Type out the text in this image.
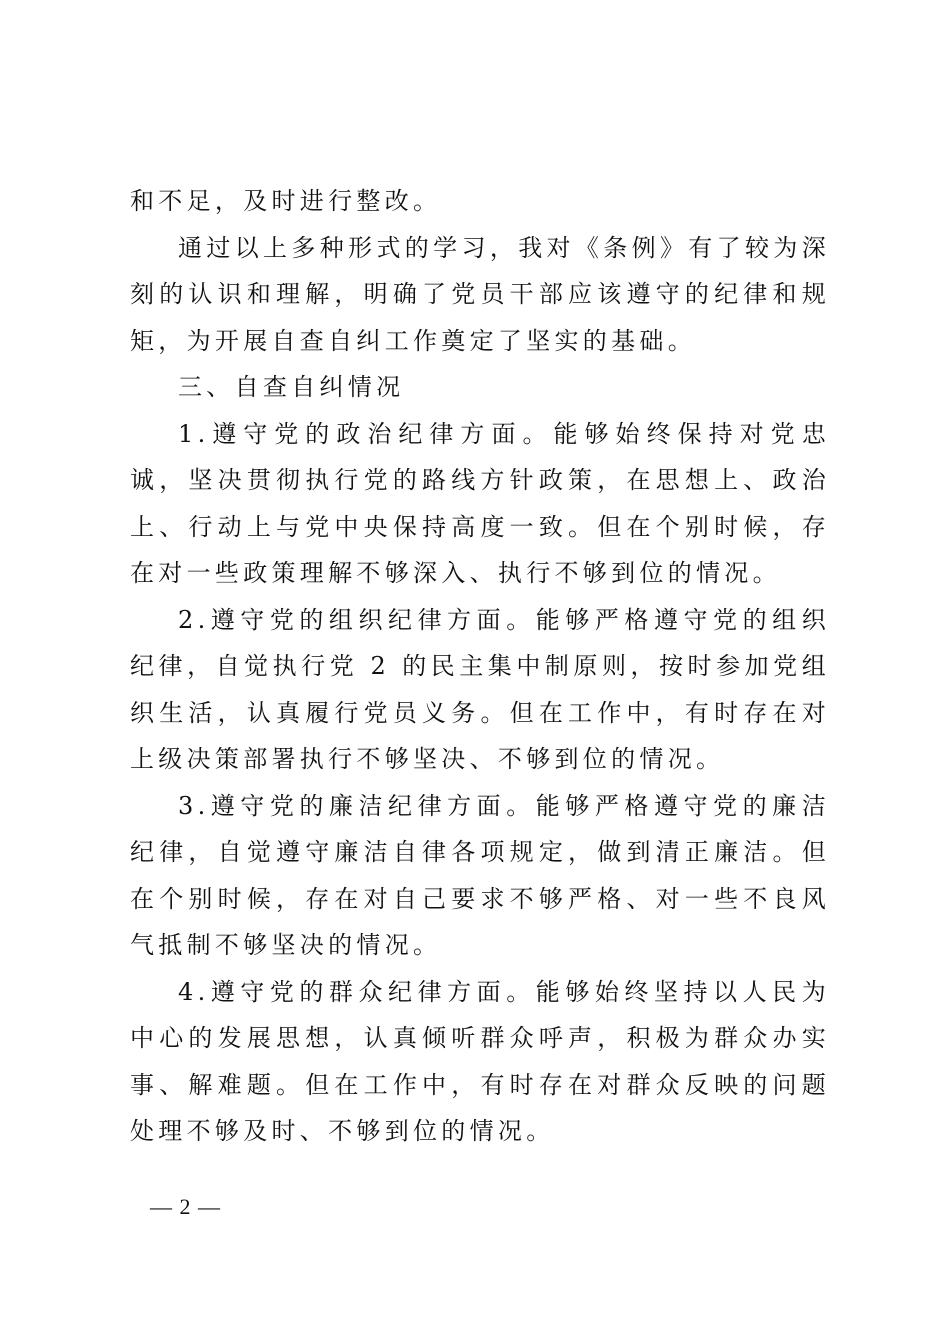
和不足，及时进行整改。

通过以上多种形式的学习，我对《条例》有了较为深刻的认识和理解，明确了党员干部应该遵守的纪律和规矩，为开展自查自纠工作奠定了坚实的基础。

三、自查自纠情况

1.遵守党的政治纪律方面。能够始终保持对党忠诚，坚决贯彻执行党的路线方针政策，在思想上、政治上、行动上与党中央保持高度一致。但在个别时候，存在对一些政策理解不够深入、执行不够到位的情况。

2.遵守党的组织纪律方面。能够严格遵守党的组织纪律，自觉执行党 2 的民主集中制原则，按时参加党组织生活，认真履行党员义务。但在工作中，有时存在对上级决策部署执行不够坚决、不够到位的情况。

3.遵守党的廉洁纪律方面。能够严格遵守党的廉洁纪律，自觉遵守廉洁自律各项规定，做到清正廉洁。但在个别时候，存在对自己要求不够严格、对一些不良风气抵制不够坚决的情况。

4.遵守党的群众纪律方面。能够始终坚持以人民为中心的发展思想，认真倾听群众呼声，积极为群众办实事、解难题。但在工作中，有时存在对群众反映的问题处理不够及时、不够到位的情况。

— 2 —
